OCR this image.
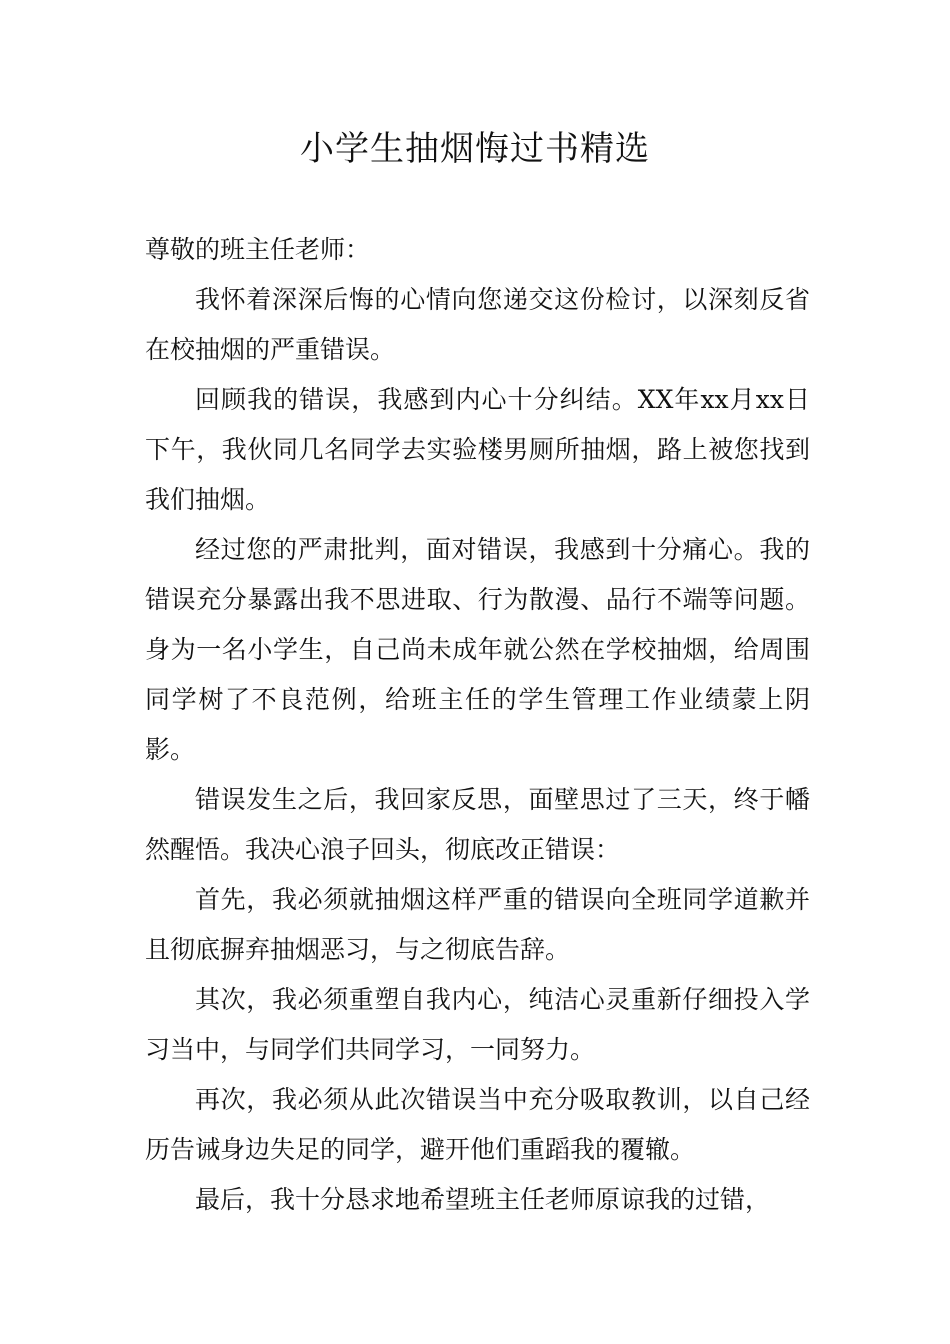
小学生抽烟悔过书精选

尊敬的班主任老师：

我怀着深深后悔的心情向您递交这份检讨，以深刻反省在校抽烟的严重错误。

回顾我的错误，我感到内心十分纠结。XX年xx月xx日下午，我伙同几名同学去实验楼男厕所抽烟，路上被您找到我们抽烟。

经过您的严肃批判，面对错误，我感到十分痛心。我的错误充分暴露出我不思进取、行为散漫、品行不端等问题。身为一名小学生，自己尚未成年就公然在学校抽烟，给周围同学树了不良范例，给班主任的学生管理工作业绩蒙上阴影。

错误发生之后，我回家反思，面壁思过了三天，终于幡然醒悟。我决心浪子回头，彻底改正错误：

首先，我必须就抽烟这样严重的错误向全班同学道歉并且彻底摒弃抽烟恶习，与之彻底告辞。

其次，我必须重塑自我内心，纯洁心灵重新仔细投入学习当中，与同学们共同学习，一同努力。

再次，我必须从此次错误当中充分吸取教训，以自己经历告诫身边失足的同学，避开他们重蹈我的覆辙。

最后，我十分恳求地希望班主任老师原谅我的过错，
